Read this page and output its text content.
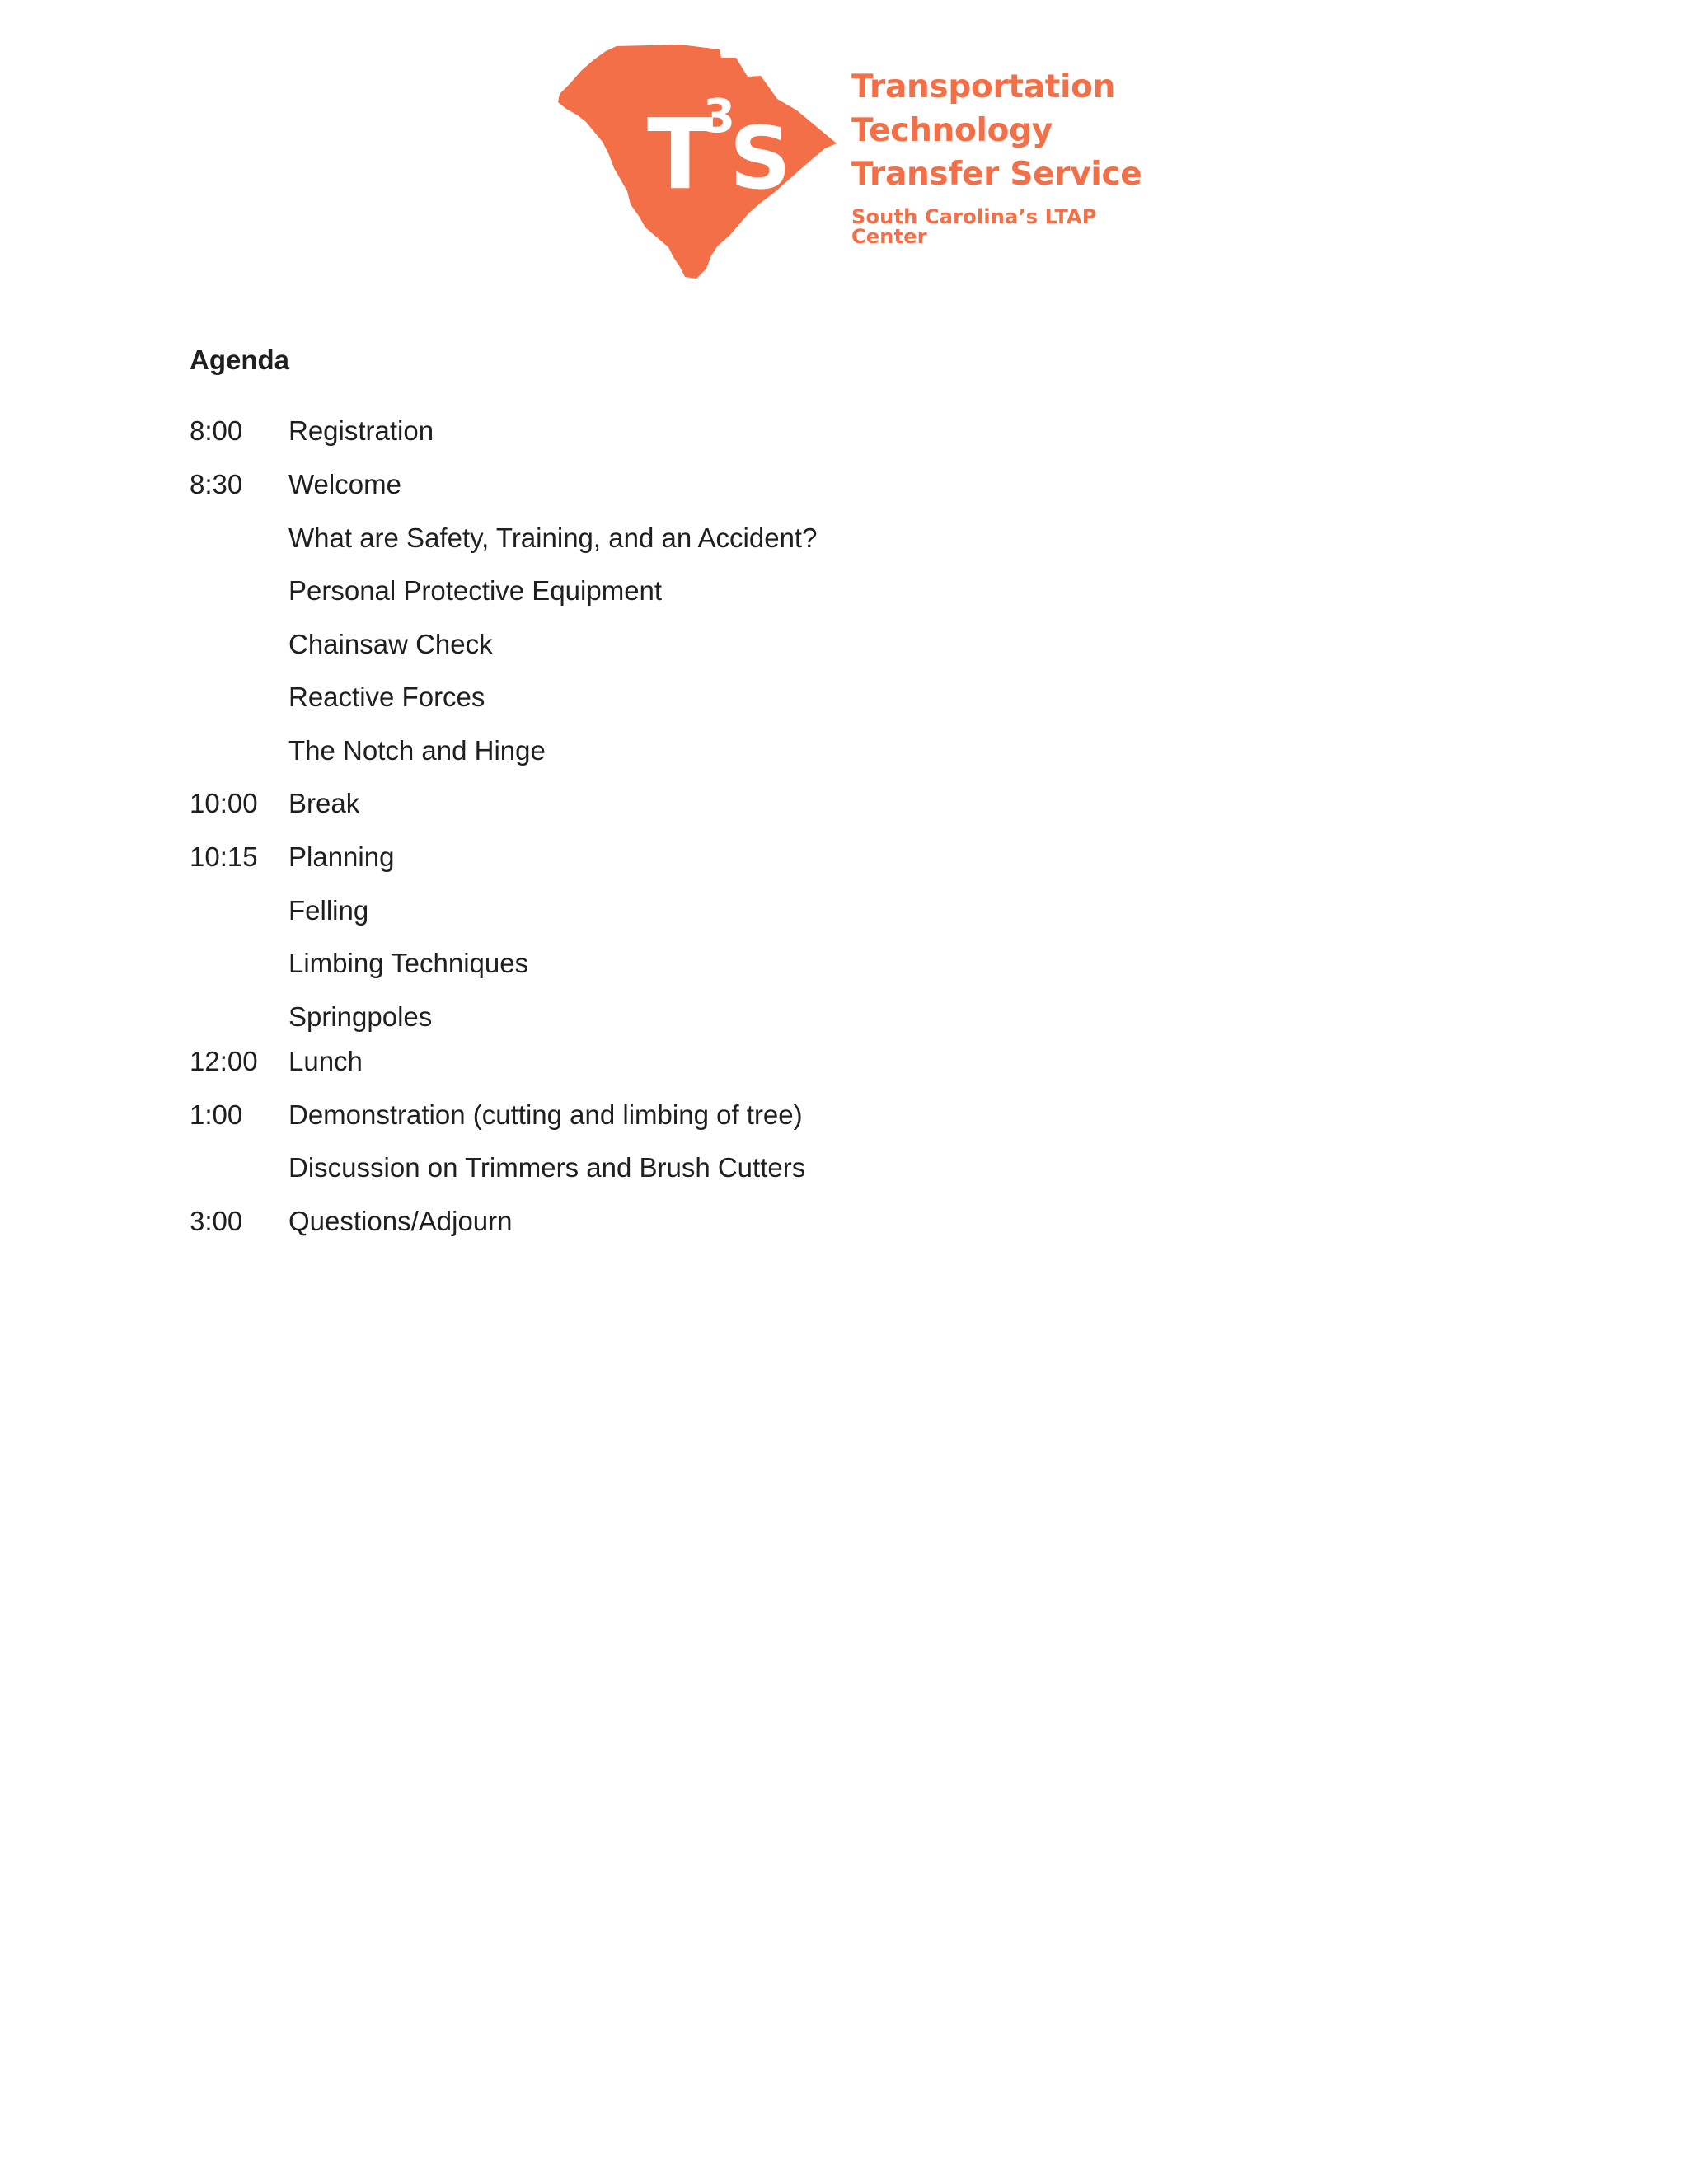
T
3
S
Transportation
Technology
Transfer Service
South Carolina’s LTAP Center
Agenda
8:00	Registration
8:30	Welcome
What are Safety, Training, and an Accident?
Personal Protective Equipment
Chainsaw Check
Reactive Forces
The Notch and Hinge
10:00	Break
10:15	Planning
Felling
Limbing Techniques
Springpoles
12:00	Lunch
1:00	Demonstration (cutting and limbing of tree)
Discussion on Trimmers and Brush Cutters
3:00	Questions/Adjourn
